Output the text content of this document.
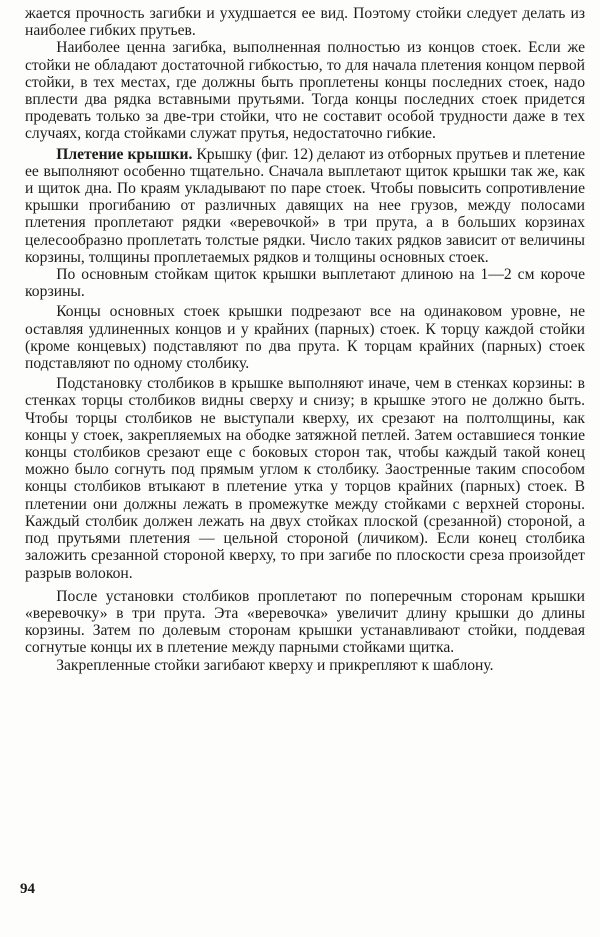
жается прочность загибки и ухудшается ее вид. Поэтому стойки следует делать из наиболее гибких прутьев.

Наиболее ценна загибка, выполненная полностью из концов стоек. Если же стойки не обладают достаточной гибкостью, то для начала плетения концом первой стойки, в тех местах, где должны быть проплетены концы последних стоек, надо вплести два рядка вставными прутьями. Тогда концы последних стоек придется продевать только за две-три стойки, что не составит особой трудности даже в тех случаях, когда стойками служат прутья, недостаточно гибкие.

Плетение крышки. Крышку (фиг. 12) делают из отборных прутьев и плетение ее выполняют особенно тщательно. Сначала выплетают щиток крышки так же, как и щиток дна. По краям укладывают по паре стоек. Чтобы повысить сопротивление крышки прогибанию от различных давящих на нее грузов, между полосами плетения проплетают рядки «веревочкой» в три прута, а в больших корзинах целесообразно проплетать толстые рядки. Число таких рядков зависит от величины корзины, толщины проплетаемых рядков и толщины основных стоек.

По основным стойкам щиток крышки выплетают длиною на 1—2 см короче корзины.

Концы основных стоек крышки подрезают все на одинаковом уровне, не оставляя удлиненных концов и у крайних (парных) стоек. К торцу каждой стойки (кроме концевых) подставляют по два прута. К торцам крайних (парных) стоек подставляют по одному столбику.

Подстановку столбиков в крышке выполняют иначе, чем в стенках корзины: в стенках торцы столбиков видны сверху и снизу; в крышке этого не должно быть. Чтобы торцы столбиков не выступали кверху, их срезают на полтолщины, как концы у стоек, закрепляемых на ободке затяжной петлей. Затем оставшиеся тонкие концы столбиков срезают еще с боковых сторон так, чтобы каждый такой конец можно было согнуть под прямым углом к столбику. Заостренные таким способом концы столбиков втыкают в плетение утка у торцов крайних (парных) стоек. В плетении они должны лежать в промежутке между стойками с верхней стороны. Каждый столбик должен лежать на двух стойках плоской (срезанной) стороной, а под прутьями плетения — цельной стороной (личиком). Если конец столбика заложить срезанной стороной кверху, то при загибе по плоскости среза произойдет разрыв волокон.

После установки столбиков проплетают по поперечным сторонам крышки «веревочку» в три прута. Эта «веревочка» увеличит длину крышки до длины корзины. Затем по долевым сторонам крышки устанавливают стойки, поддевая согнутые концы их в плетение между парными стойками щитка.

Закрепленные стойки загибают кверху и прикрепляют к шаблону.

94
